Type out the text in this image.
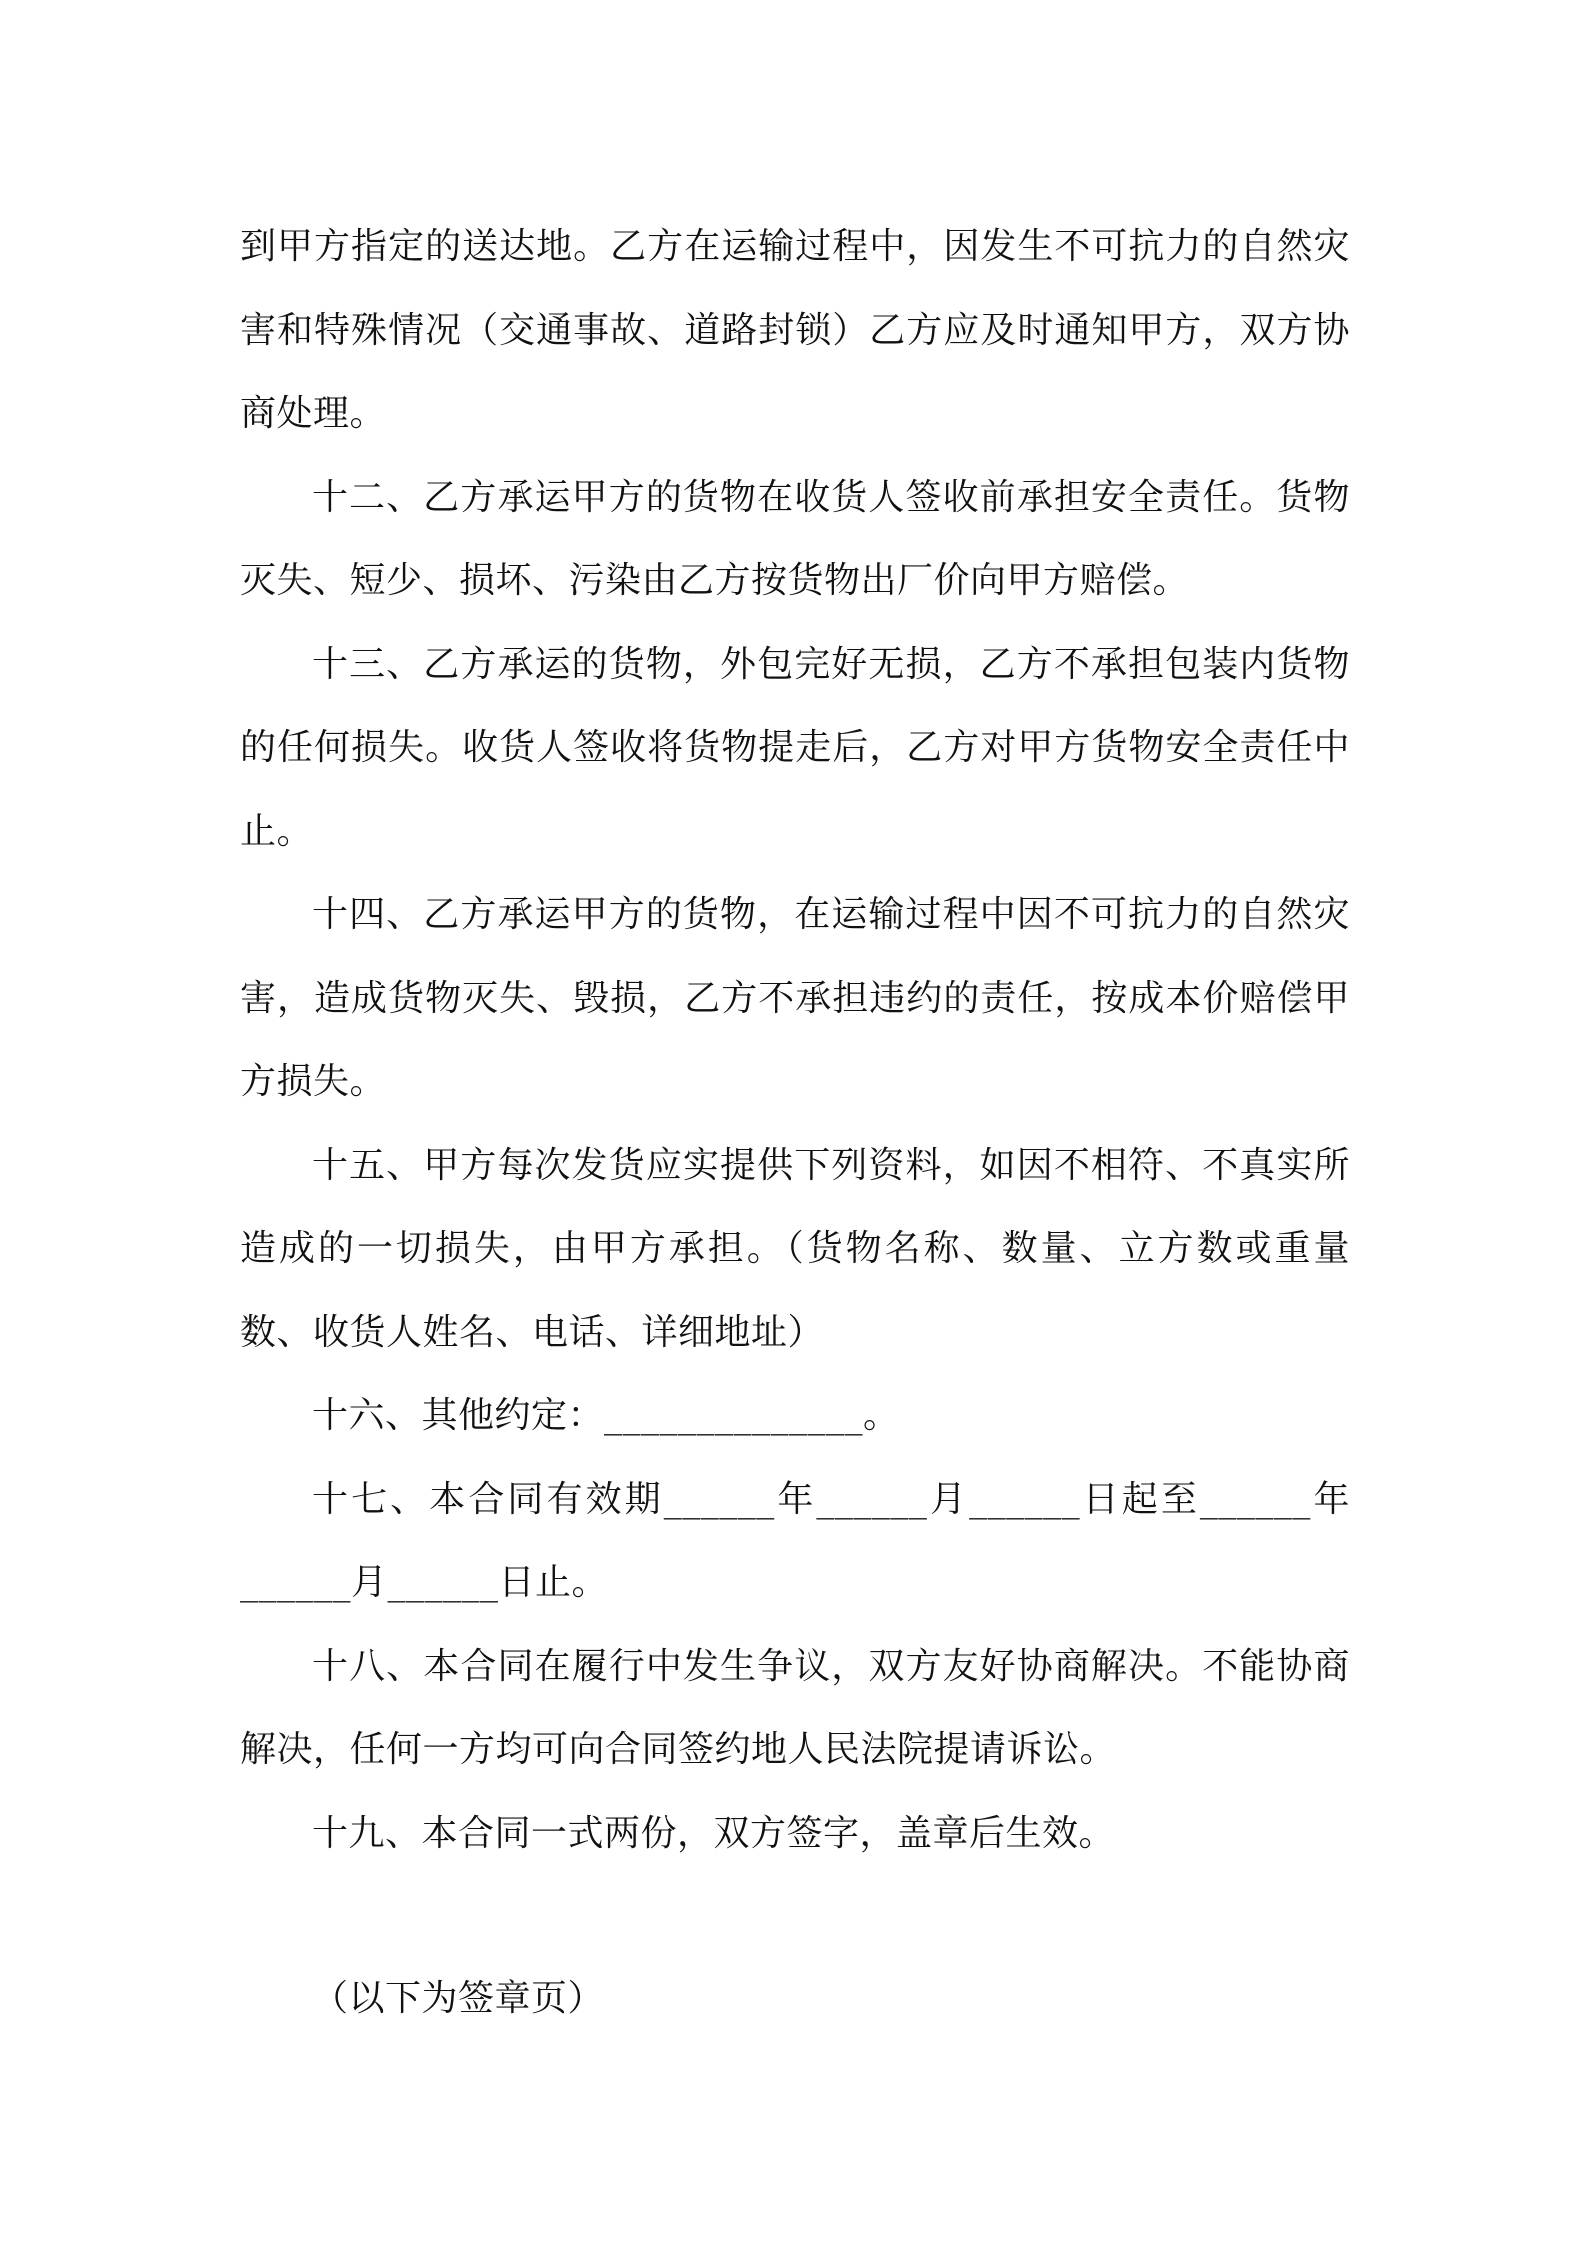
到甲方指定的送达地。乙方在运输过程中，因发生不可抗力的自然灾害和特殊情况（交通事故、道路封锁）乙方应及时通知甲方，双方协商处理。

十二、乙方承运甲方的货物在收货人签收前承担安全责任。货物灭失、短少、损坏、污染由乙方按货物出厂价向甲方赔偿。

十三、乙方承运的货物，外包完好无损，乙方不承担包装内货物的任何损失。收货人签收将货物提走后，乙方对甲方货物安全责任中止。

十四、乙方承运甲方的货物，在运输过程中因不可抗力的自然灾害，造成货物灭失、毁损，乙方不承担违约的责任，按成本价赔偿甲方损失。

十五、甲方每次发货应实提供下列资料，如因不相符、不真实所造成的一切损失，由甲方承担。（货物名称、数量、立方数或重量数、收货人姓名、电话、详细地址）

十六、其他约定：______________。

十七、本合同有效期______年______月______日起至______年______月______日止。

十八、本合同在履行中发生争议，双方友好协商解决。不能协商解决，任何一方均可向合同签约地人民法院提请诉讼。

十九、本合同一式两份，双方签字，盖章后生效。

（以下为签章页）
